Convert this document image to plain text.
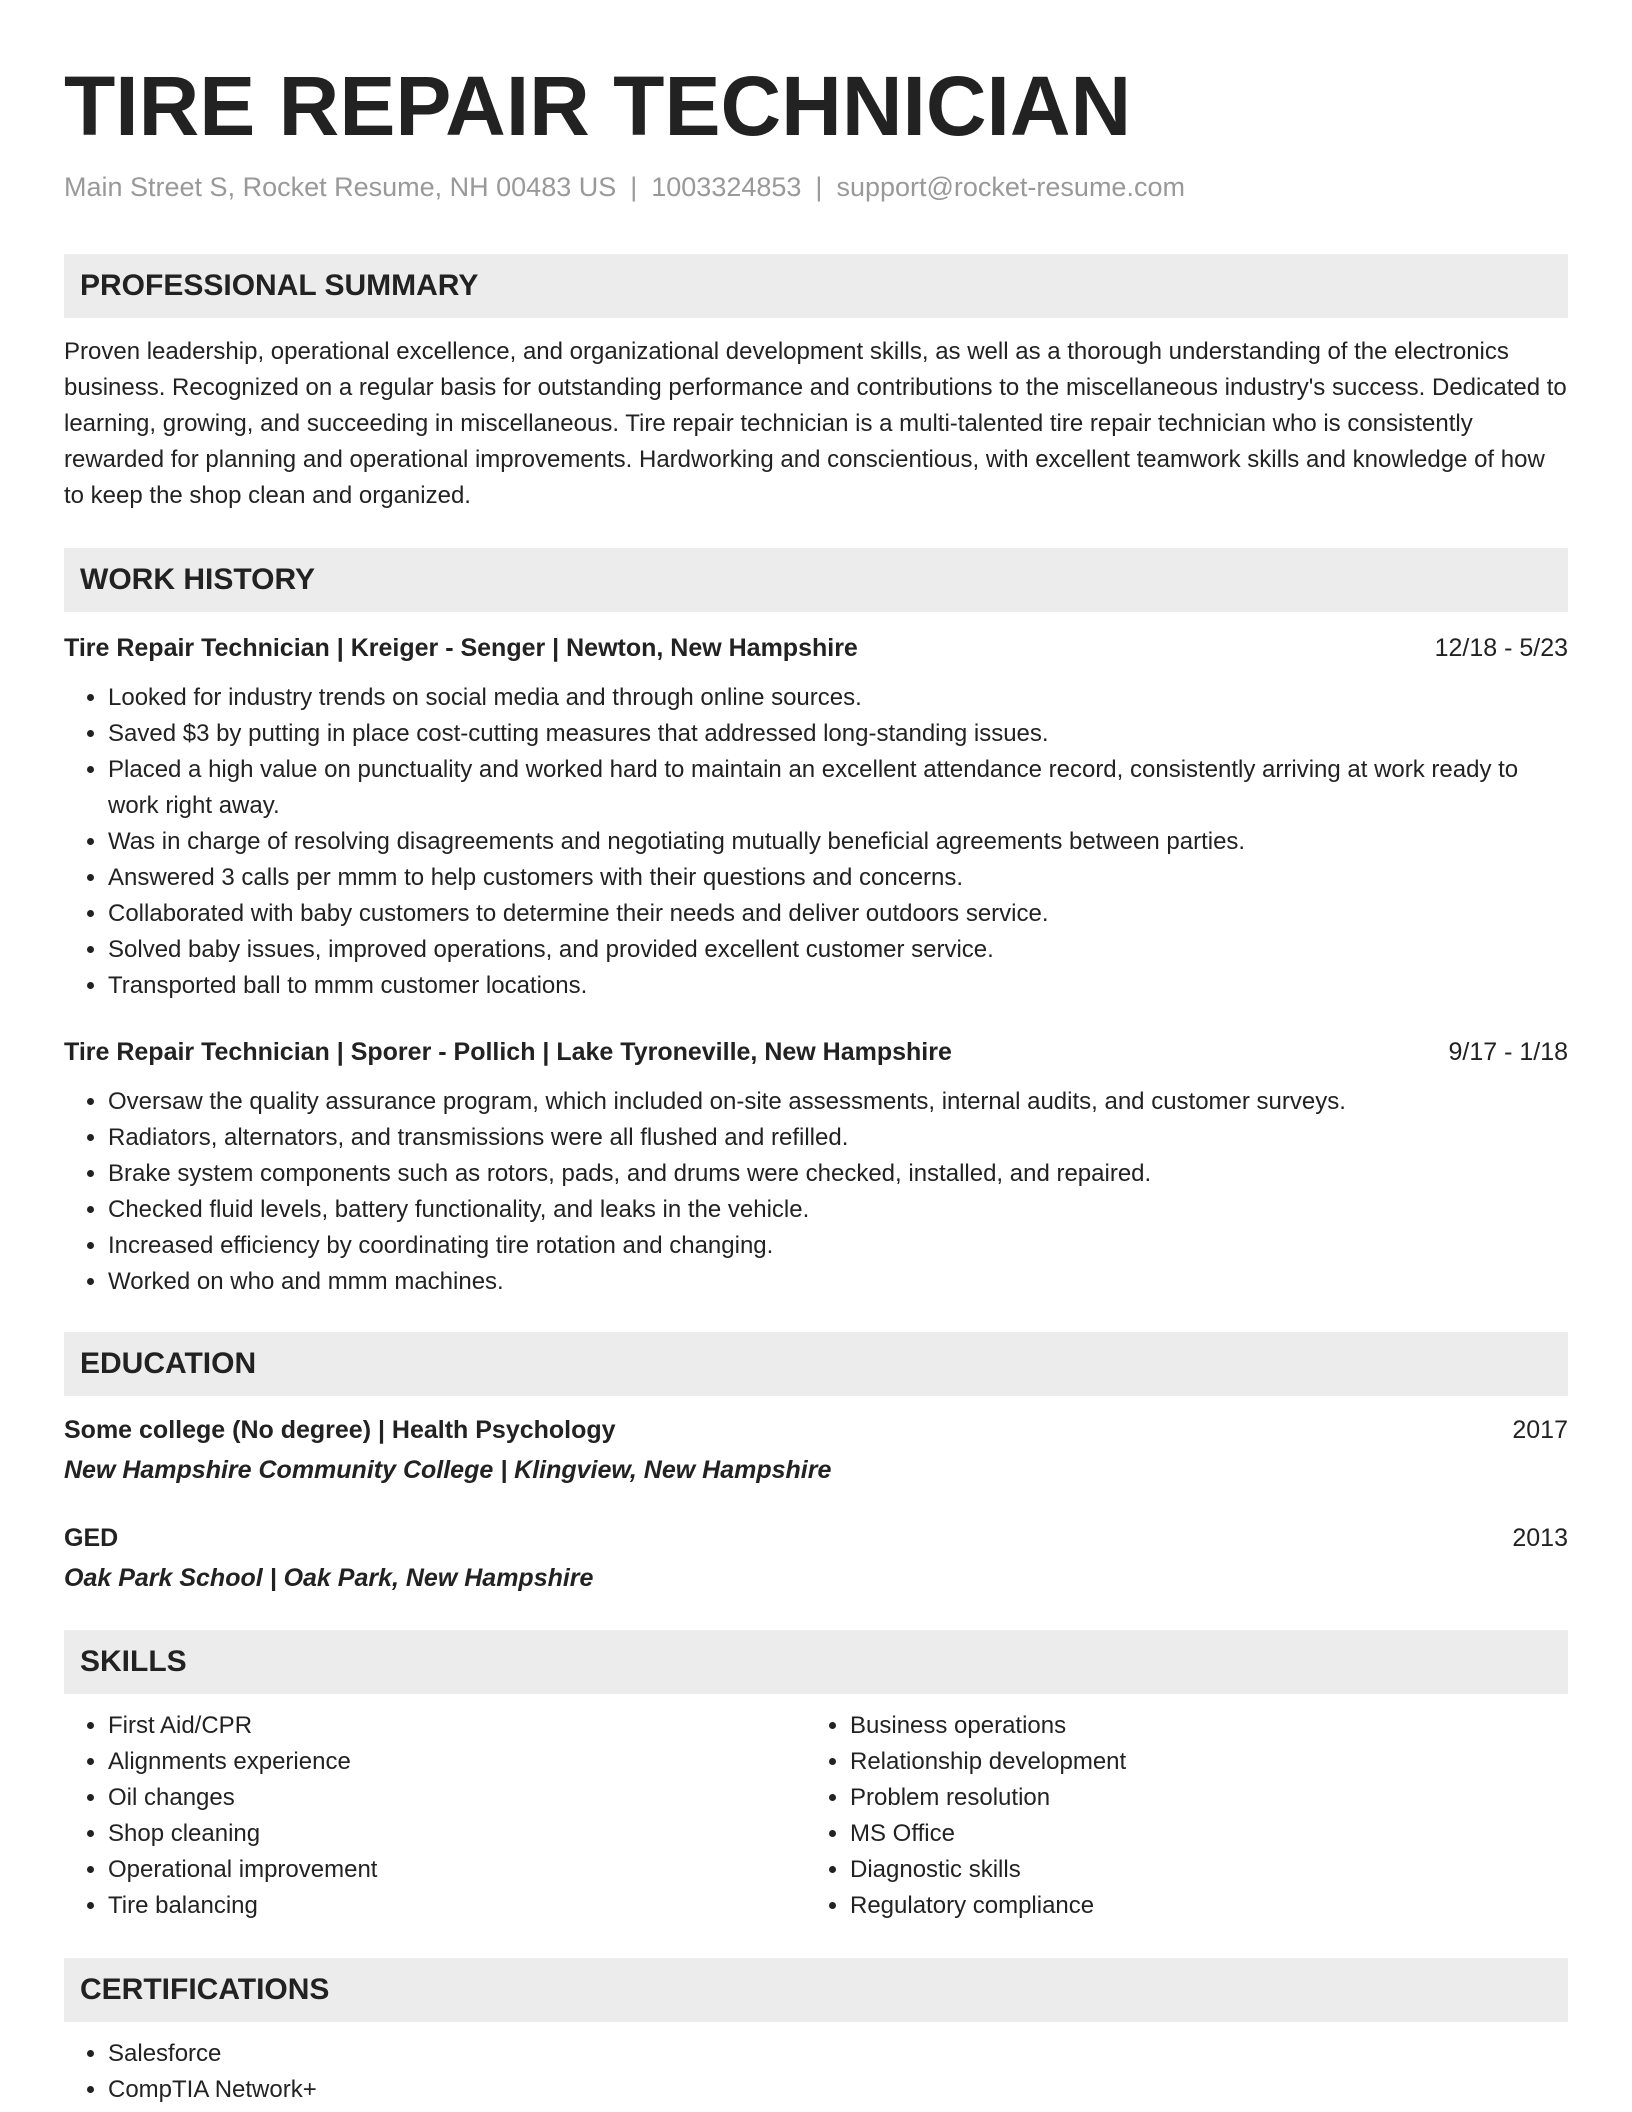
TIRE REPAIR TECHNICIAN
Main Street S, Rocket Resume, NH 00483 US | 1003324853 | support@rocket-resume.com
PROFESSIONAL SUMMARY
Proven leadership, operational excellence, and organizational development skills, as well as a thorough understanding of the electronics business. Recognized on a regular basis for outstanding performance and contributions to the miscellaneous industry's success. Dedicated to learning, growing, and succeeding in miscellaneous. Tire repair technician is a multi-talented tire repair technician who is consistently rewarded for planning and operational improvements. Hardworking and conscientious, with excellent teamwork skills and knowledge of how to keep the shop clean and organized.
WORK HISTORY
Tire Repair Technician | Kreiger - Senger | Newton, New Hampshire	12/18 - 5/23
• Looked for industry trends on social media and through online sources.
• Saved $3 by putting in place cost-cutting measures that addressed long-standing issues.
• Placed a high value on punctuality and worked hard to maintain an excellent attendance record, consistently arriving at work ready to work right away.
• Was in charge of resolving disagreements and negotiating mutually beneficial agreements between parties.
• Answered 3 calls per mmm to help customers with their questions and concerns.
• Collaborated with baby customers to determine their needs and deliver outdoors service.
• Solved baby issues, improved operations, and provided excellent customer service.
• Transported ball to mmm customer locations.
Tire Repair Technician | Sporer - Pollich | Lake Tyroneville, New Hampshire	9/17 - 1/18
• Oversaw the quality assurance program, which included on-site assessments, internal audits, and customer surveys.
• Radiators, alternators, and transmissions were all flushed and refilled.
• Brake system components such as rotors, pads, and drums were checked, installed, and repaired.
• Checked fluid levels, battery functionality, and leaks in the vehicle.
• Increased efficiency by coordinating tire rotation and changing.
• Worked on who and mmm machines.
EDUCATION
Some college (No degree) | Health Psychology	2017
New Hampshire Community College | Klingview, New Hampshire
GED	2013
Oak Park School | Oak Park, New Hampshire
SKILLS
• First Aid/CPR
• Alignments experience
• Oil changes
• Shop cleaning
• Operational improvement
• Tire balancing
• Business operations
• Relationship development
• Problem resolution
• MS Office
• Diagnostic skills
• Regulatory compliance
CERTIFICATIONS
• Salesforce
• CompTIA Network+
